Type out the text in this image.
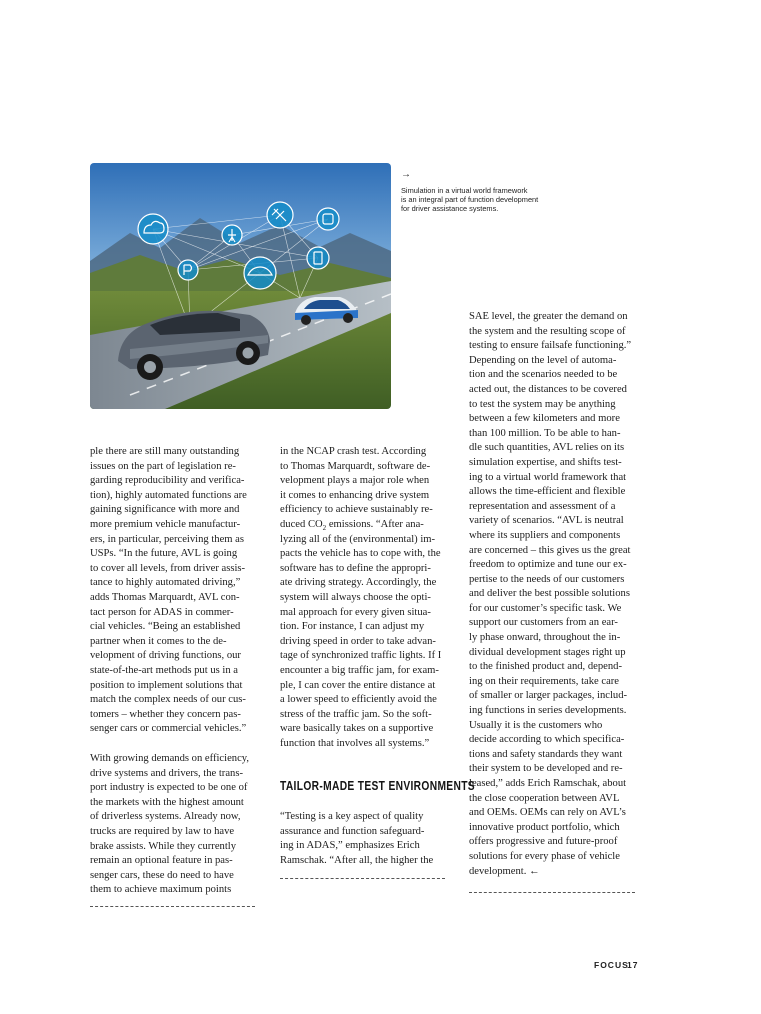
→
Simulation in a virtual world framework
is an integral part of function development
for driver assistance systems.
ple there are still many outstanding
issues on the part of legislation re-
garding reproducibility and verifica-
tion), highly automated functions are
gaining significance with more and
more premium vehicle manufactur-
ers, in particular, perceiving them as
USPs. “In the future, AVL is going
to cover all levels, from driver assis-
tance to highly automated driving,”
adds Thomas Marquardt, AVL con-
tact person for ADAS in commer-
cial vehicles. “Being an established
partner when it comes to the de-
velopment of driving functions, our
state-of-the-art methods put us in a
position to implement solutions that
match the complex needs of our cus-
tomers – whether they concern pas-
senger cars or commercial vehicles.”
With growing demands on efficiency,
drive systems and drivers, the trans-
port industry is expected to be one of
the markets with the highest amount
of driverless systems. Already now,
trucks are required by law to have
brake assists. While they currently
remain an optional feature in pas-
senger cars, these do need to have
them to achieve maximum points
in the NCAP crash test. According
to Thomas Marquardt, software de-
velopment plays a major role when
it comes to enhancing drive system
efficiency to achieve sustainably re-
duced $CO_2$ emissions. “After ana-
lyzing all of the (environmental) im-
pacts the vehicle has to cope with, the
software has to define the appropri-
ate driving strategy. Accordingly, the
system will always choose the opti-
mal approach for every given situa-
tion. For instance, I can adjust my
driving speed in order to take advan-
tage of synchronized traffic lights. If I
encounter a big traffic jam, for exam-
ple, I can cover the entire distance at
a lower speed to efficiently avoid the
stress of the traffic jam. So the soft-
ware basically takes on a supportive
function that involves all systems.”
TAILOR-MADE TEST ENVIRONMENTS
“Testing is a key aspect of quality
assurance and function safeguard-
ing in ADAS,” emphasizes Erich
Ramschak. “After all, the higher the
SAE level, the greater the demand on
the system and the resulting scope of
testing to ensure failsafe functioning.”
Depending on the level of automa-
tion and the scenarios needed to be
acted out, the distances to be covered
to test the system may be anything
between a few kilometers and more
than 100 million. To be able to han-
dle such quantities, AVL relies on its
simulation expertise, and shifts test-
ing to a virtual world framework that
allows the time-efficient and flexible
representation and assessment of a
variety of scenarios. “AVL is neutral
where its suppliers and components
are concerned – this gives us the great
freedom to optimize and tune our ex-
pertise to the needs of our customers
and deliver the best possible solutions
for our customer’s specific task. We
support our customers from an ear-
ly phase onward, throughout the in-
dividual development stages right up
to the finished product and, depend-
ing on their requirements, take care
of smaller or larger packages, includ-
ing functions in series developments.
Usually it is the customers who
decide according to which specifica-
tions and safety standards they want
their system to be developed and re-
leased,” adds Erich Ramschak, about
the close cooperation between AVL
and OEMs. OEMs can rely on AVL’s
innovative product portfolio, which
offers progressive and future-proof
solutions for every phase of vehicle
development. ←
FOCUS
17
